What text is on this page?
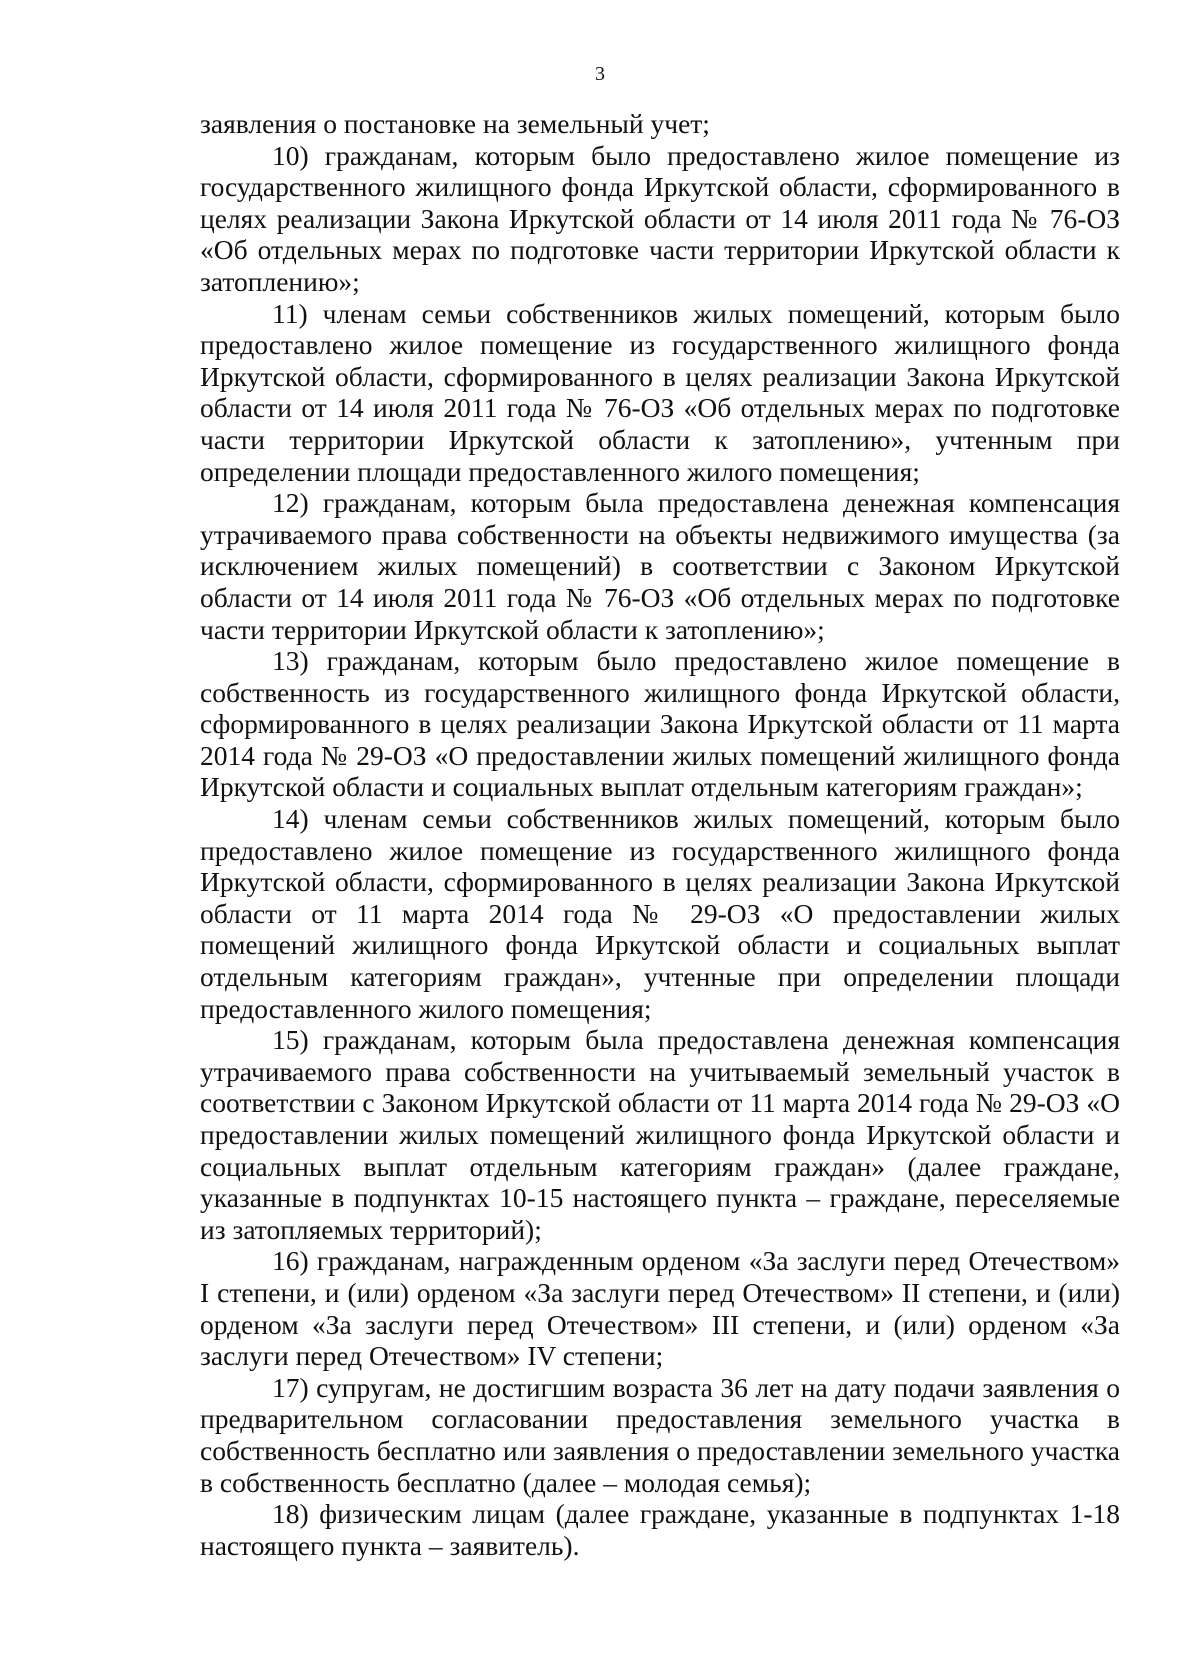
3

заявления о постановке на земельный учет;

10) гражданам, которым было предоставлено жилое помещение из государственного жилищного фонда Иркутской области, сформированного в целях реализации Закона Иркутской области от 14 июля 2011 года № 76-ОЗ «Об отдельных мерах по подготовке части территории Иркутской области к затоплению»;

11) членам семьи собственников жилых помещений, которым было предоставлено жилое помещение из государственного жилищного фонда Иркутской области, сформированного в целях реализации Закона Иркутской области от 14 июля 2011 года № 76-ОЗ «Об отдельных мерах по подготовке части территории Иркутской области к затоплению», учтенным при определении площади предоставленного жилого помещения;

12) гражданам, которым была предоставлена денежная компенсация утрачиваемого права собственности на объекты недвижимого имущества (за исключением жилых помещений) в соответствии с Законом Иркутской области от 14 июля 2011 года № 76-ОЗ «Об отдельных мерах по подготовке части территории Иркутской области к затоплению»;

13) гражданам, которым было предоставлено жилое помещение в собственность из государственного жилищного фонда Иркутской области, сформированного в целях реализации Закона Иркутской области от 11 марта 2014 года № 29-ОЗ «О предоставлении жилых помещений жилищного фонда Иркутской области и социальных выплат отдельным категориям граждан»;

14) членам семьи собственников жилых помещений, которым было предоставлено жилое помещение из государственного жилищного фонда Иркутской области, сформированного в целях реализации Закона Иркутской области от 11 марта 2014 года № 29-ОЗ «О предоставлении жилых помещений жилищного фонда Иркутской области и социальных выплат отдельным категориям граждан», учтенные при определении площади предоставленного жилого помещения;

15) гражданам, которым была предоставлена денежная компенсация утрачиваемого права собственности на учитываемый земельный участок в соответствии с Законом Иркутской области от 11 марта 2014 года № 29-ОЗ «О предоставлении жилых помещений жилищного фонда Иркутской области и социальных выплат отдельным категориям граждан» (далее граждане, указанные в подпунктах 10-15 настоящего пункта – граждане, переселяемые из затопляемых территорий);

16) гражданам, награжденным орденом «За заслуги перед Отечеством» I степени, и (или) орденом «За заслуги перед Отечеством» II степени, и (или) орденом «За заслуги перед Отечеством» III степени, и (или) орденом «За заслуги перед Отечеством» IV степени;

17) супругам, не достигшим возраста 36 лет на дату подачи заявления о предварительном согласовании предоставления земельного участка в собственность бесплатно или заявления о предоставлении земельного участка в собственность бесплатно (далее – молодая семья);

18) физическим лицам (далее граждане, указанные в подпунктах 1-18 настоящего пункта – заявитель).
